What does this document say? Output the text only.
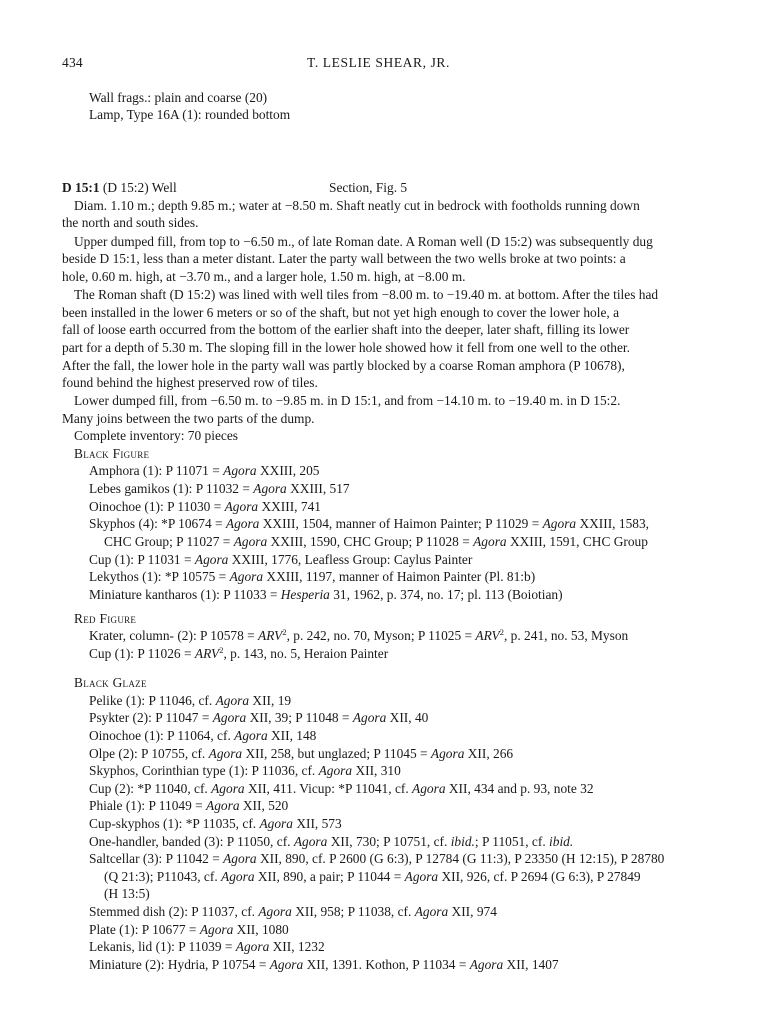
434	T. LESLIE SHEAR, JR.
Wall frags.: plain and coarse (20)
Lamp, Type 16A (1): rounded bottom
D 15:1 (D 15:2) Well	Section, Fig. 5
Diam. 1.10 m.; depth 9.85 m.; water at −8.50 m. Shaft neatly cut in bedrock with footholds running down
the north and south sides.
Upper dumped fill, from top to −6.50 m., of late Roman date. A Roman well (D 15:2) was subsequently dug
beside D 15:1, less than a meter distant. Later the party wall between the two wells broke at two points: a
hole, 0.60 m. high, at −3.70 m., and a larger hole, 1.50 m. high, at −8.00 m.
The Roman shaft (D 15:2) was lined with well tiles from −8.00 m. to −19.40 m. at bottom. After the tiles had
been installed in the lower 6 meters or so of the shaft, but not yet high enough to cover the lower hole, a
fall of loose earth occurred from the bottom of the earlier shaft into the deeper, later shaft, filling its lower
part for a depth of 5.30 m. The sloping fill in the lower hole showed how it fell from one well to the other.
After the fall, the lower hole in the party wall was partly blocked by a coarse Roman amphora (P 10678),
found behind the highest preserved row of tiles.
Lower dumped fill, from −6.50 m. to −9.85 m. in D 15:1, and from −14.10 m. to −19.40 m. in D 15:2.
Many joins between the two parts of the dump.
Complete inventory: 70 pieces
Black Figure
Amphora (1): P 11071 = Agora XXIII, 205
Lebes gamikos (1): P 11032 = Agora XXIII, 517
Oinochoe (1): P 11030 = Agora XXIII, 741
Skyphos (4): *P 10674 = Agora XXIII, 1504, manner of Haimon Painter; P 11029 = Agora XXIII, 1583,
CHC Group; P 11027 = Agora XXIII, 1590, CHC Group; P 11028 = Agora XXIII, 1591, CHC Group
Cup (1): P 11031 = Agora XXIII, 1776, Leafless Group: Caylus Painter
Lekythos (1): *P 10575 = Agora XXIII, 1197, manner of Haimon Painter (Pl. 81:b)
Miniature kantharos (1): P 11033 = Hesperia 31, 1962, p. 374, no. 17; pl. 113 (Boiotian)
Red Figure
Krater, column- (2): P $10578 = ARV^2$, p. 242, no. 70, Myson; P $11025 = ARV^2$, p. 241, no. 53, Myson
Cup (1): P $11026 = ARV^2$, p. 143, no. 5, Heraion Painter
Black Glaze
Pelike (1): P 11046, cf. Agora XII, 19
Psykter (2): P 11047 = Agora XII, 39; P 11048 = Agora XII, 40
Oinochoe (1): P 11064, cf. Agora XII, 148
Olpe (2): P 10755, cf. Agora XII, 258, but unglazed; P 11045 = Agora XII, 266
Skyphos, Corinthian type (1): P 11036, cf. Agora XII, 310
Cup (2): *P 11040, cf. Agora XII, 411. Vicup: *P 11041, cf. Agora XII, 434 and p. 93, note 32
Phiale (1): P 11049 = Agora XII, 520
Cup-skyphos (1): *P 11035, cf. Agora XII, 573
One-handler, banded (3): P 11050, cf. Agora XII, 730; P 10751, cf. ibid.; P 11051, cf. ibid.
Saltcellar (3): P 11042 = Agora XII, 890, cf. P 2600 (G 6:3), P 12784 (G 11:3), P 23350 (H 12:15), P 28780
(Q 21:3); P11043, cf. Agora XII, 890, a pair; P 11044 = Agora XII, 926, cf. P 2694 (G 6:3), P 27849
(H 13:5)
Stemmed dish (2): P 11037, cf. Agora XII, 958; P 11038, cf. Agora XII, 974
Plate (1): P 10677 = Agora XII, 1080
Lekanis, lid (1): P 11039 = Agora XII, 1232
Miniature (2): Hydria, P 10754 = Agora XII, 1391. Kothon, P 11034 = Agora XII, 1407
